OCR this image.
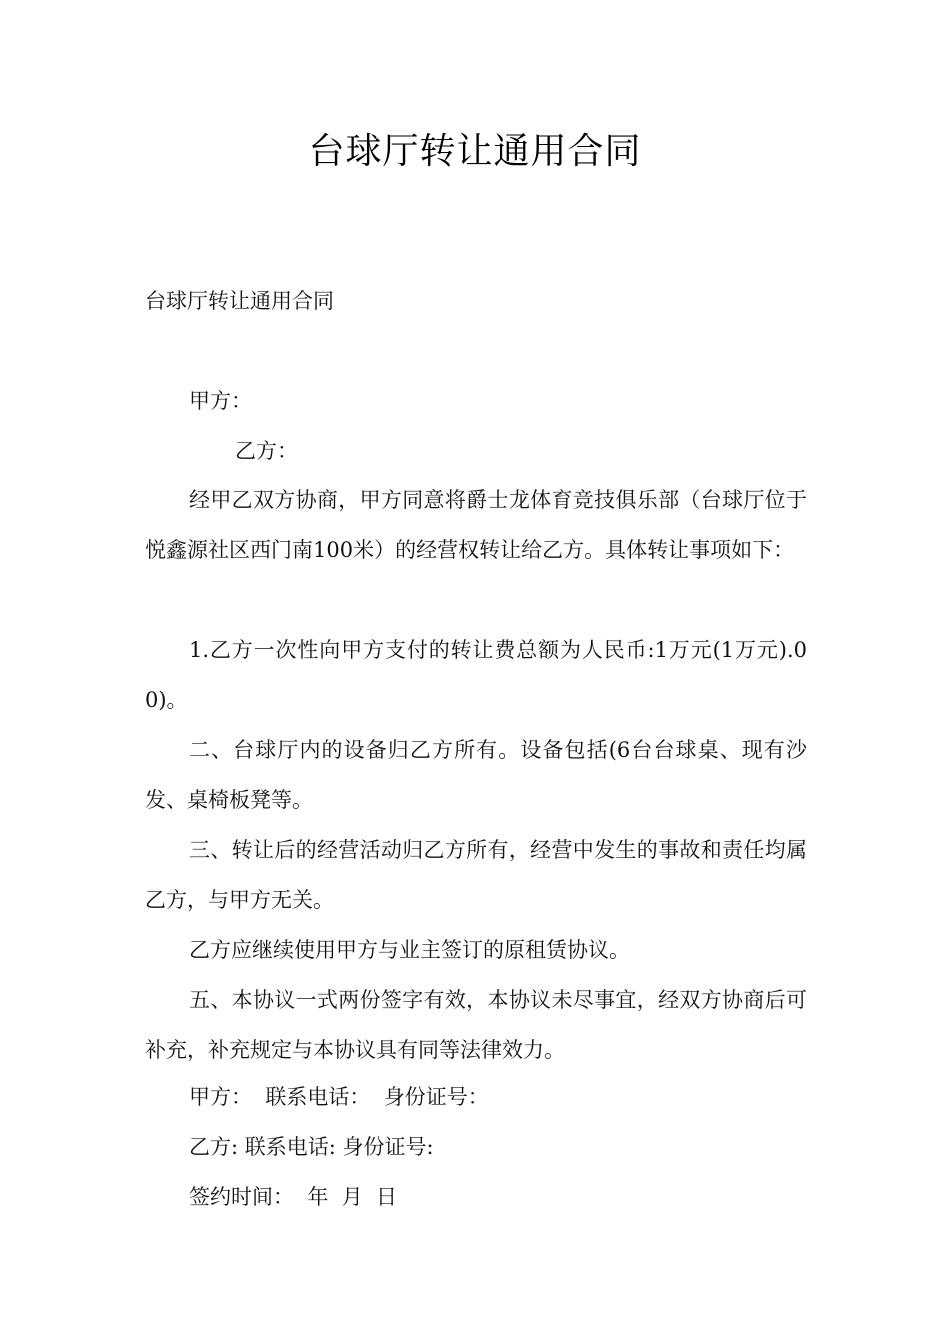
台球厅转让通用合同
台球厅转让通用合同
甲方：
乙方：
经甲乙双方协商，甲方同意将爵士龙体育竞技俱乐部（台球厅位于悦鑫源社区西门南100米）的经营权转让给乙方。具体转让事项如下：
1.乙方一次性向甲方支付的转让费总额为人民币:1万元(1万元).00)。
二、台球厅内的设备归乙方所有。设备包括(6台台球桌、现有沙发、桌椅板凳等。
三、转让后的经营活动归乙方所有，经营中发生的事故和责任均属乙方，与甲方无关。
乙方应继续使用甲方与业主签订的原租赁协议。
五、本协议一式两份签字有效，本协议未尽事宜，经双方协商后可补充，补充规定与本协议具有同等法律效力。
甲方：  联系电话：  身份证号：
乙方: 联系电话: 身份证号:
签约时间：  年  月  日
